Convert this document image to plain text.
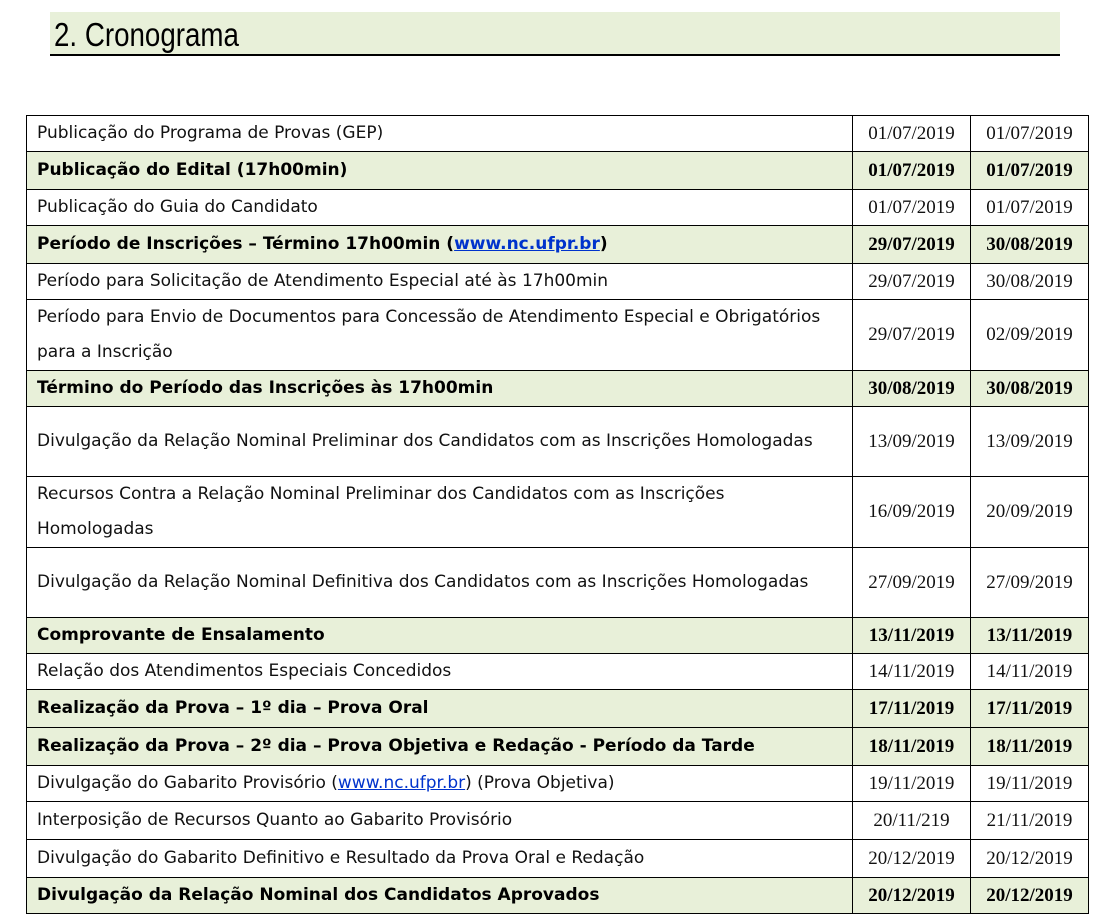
2. Cronograma
Publicação do Programa de Provas (GEP)	01/07/2019	01/07/2019
Publicação do Edital (17h00min)	01/07/2019	01/07/2019
Publicação do Guia do Candidato	01/07/2019	01/07/2019
Período de Inscrições – Término 17h00min (www.nc.ufpr.br)	29/07/2019	30/08/2019
Período para Solicitação de Atendimento Especial até às 17h00min	29/07/2019	30/08/2019
Período para Envio de Documentos para Concessão de Atendimento Especial e Obrigatórios para a Inscrição	29/07/2019	02/09/2019
Término do Período das Inscrições às 17h00min	30/08/2019	30/08/2019
Divulgação da Relação Nominal Preliminar dos Candidatos com as Inscrições Homologadas	13/09/2019	13/09/2019
Recursos Contra a Relação Nominal Preliminar dos Candidatos com as Inscrições Homologadas	16/09/2019	20/09/2019
Divulgação da Relação Nominal Definitiva dos Candidatos com as Inscrições Homologadas	27/09/2019	27/09/2019
Comprovante de Ensalamento	13/11/2019	13/11/2019
Relação dos Atendimentos Especiais Concedidos	14/11/2019	14/11/2019
Realização da Prova – 1º dia – Prova Oral	17/11/2019	17/11/2019
Realização da Prova – 2º dia – Prova Objetiva e Redação - Período da Tarde	18/11/2019	18/11/2019
Divulgação do Gabarito Provisório (www.nc.ufpr.br) (Prova Objetiva)	19/11/2019	19/11/2019
Interposição de Recursos Quanto ao Gabarito Provisório	20/11/219	21/11/2019
Divulgação do Gabarito Definitivo e Resultado da Prova Oral e Redação	20/12/2019	20/12/2019
Divulgação da Relação Nominal dos Candidatos Aprovados	20/12/2019	20/12/2019
